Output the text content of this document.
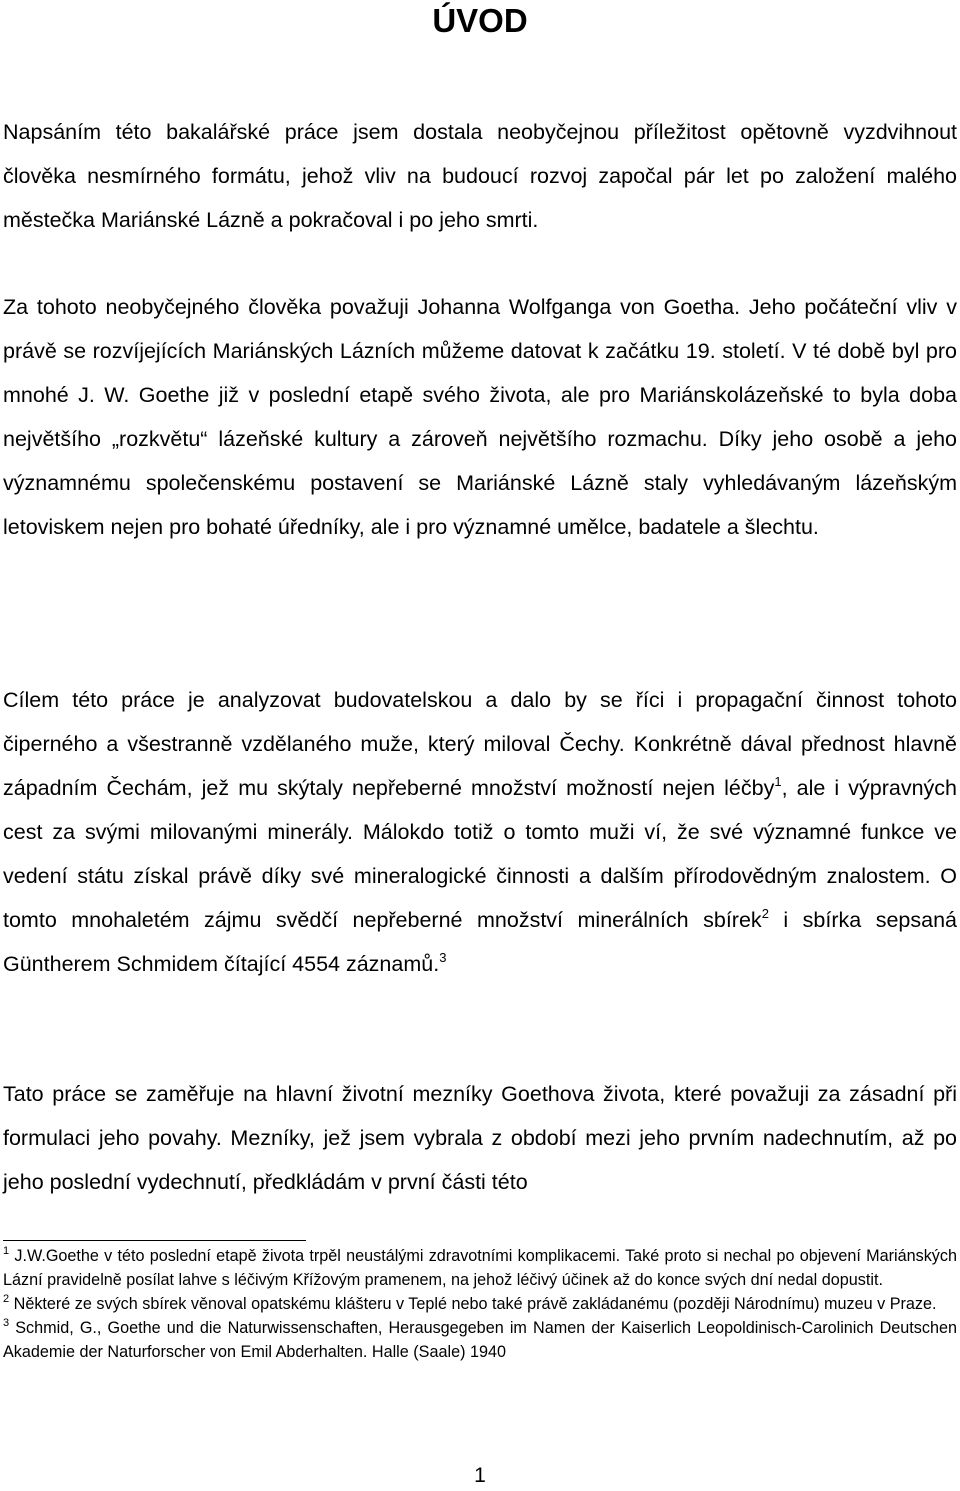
ÚVOD

Napsáním této bakalářské práce jsem dostala neobyčejnou příležitost opětovně vyzdvihnout člověka nesmírného formátu, jehož vliv na budoucí rozvoj započal pár let po založení malého městečka Mariánské Lázně a pokračoval i po jeho smrti.

Za tohoto neobyčejného člověka považuji Johanna Wolfganga von Goetha. Jeho počáteční vliv v právě se rozvíjejících Mariánských Lázních můžeme datovat k začátku 19. století. V té době byl pro mnohé J. W. Goethe již v poslední etapě svého života, ale pro Mariánskolázeňské to byla doba největšího „rozkvětu“ lázeňské kultury a zároveň největšího rozmachu. Díky jeho osobě a jeho významnému společenskému postavení se Mariánské Lázně staly vyhledávaným lázeňským letoviskem nejen pro bohaté úředníky, ale i pro významné umělce, badatele a šlechtu.

Cílem této práce je analyzovat budovatelskou a dalo by se říci i propagační činnost tohoto čiperného a všestranně vzdělaného muže, který miloval Čechy. Konkrétně dával přednost hlavně západním Čechám, jež mu skýtaly nepřeberné množství možností nejen léčby$^1$, ale i výpravných cest za svými milovanými minerály. Málokdo totiž o tomto muži ví, že své významné funkce ve vedení státu získal právě díky své mineralogické činnosti a dalším přírodovědným znalostem. O tomto mnohaletém zájmu svědčí nepřeberné množství minerálních sbírek$^2$ i sbírka sepsaná Güntherem Schmidem čítající 4554 záznamů.$^3$

Tato práce se zaměřuje na hlavní životní mezníky Goethova života, které považuji za zásadní při formulaci jeho povahy. Mezníky, jež jsem vybrala z období mezi jeho prvním nadechnutím, až po jeho poslední vydechnutí, předkládám v první části této

$^1$ J.W.Goethe v této poslední etapě života trpěl neustálými zdravotními komplikacemi. Také proto si nechal po objevení Mariánských Lázní pravidelně posílat lahve s léčivým Křížovým pramenem, na jehož léčivý účinek až do konce svých dní nedal dopustit.

$^2$ Některé ze svých sbírek věnoval opatskému klášteru v Teplé nebo také právě zakládanému (později Národnímu) muzeu v Praze.

$^3$ Schmid, G., Goethe und die Naturwissenschaften, Herausgegeben im Namen der Kaiserlich Leopoldinisch-Carolinich Deutschen Akademie der Naturforscher von Emil Abderhalten. Halle (Saale) 1940

1
